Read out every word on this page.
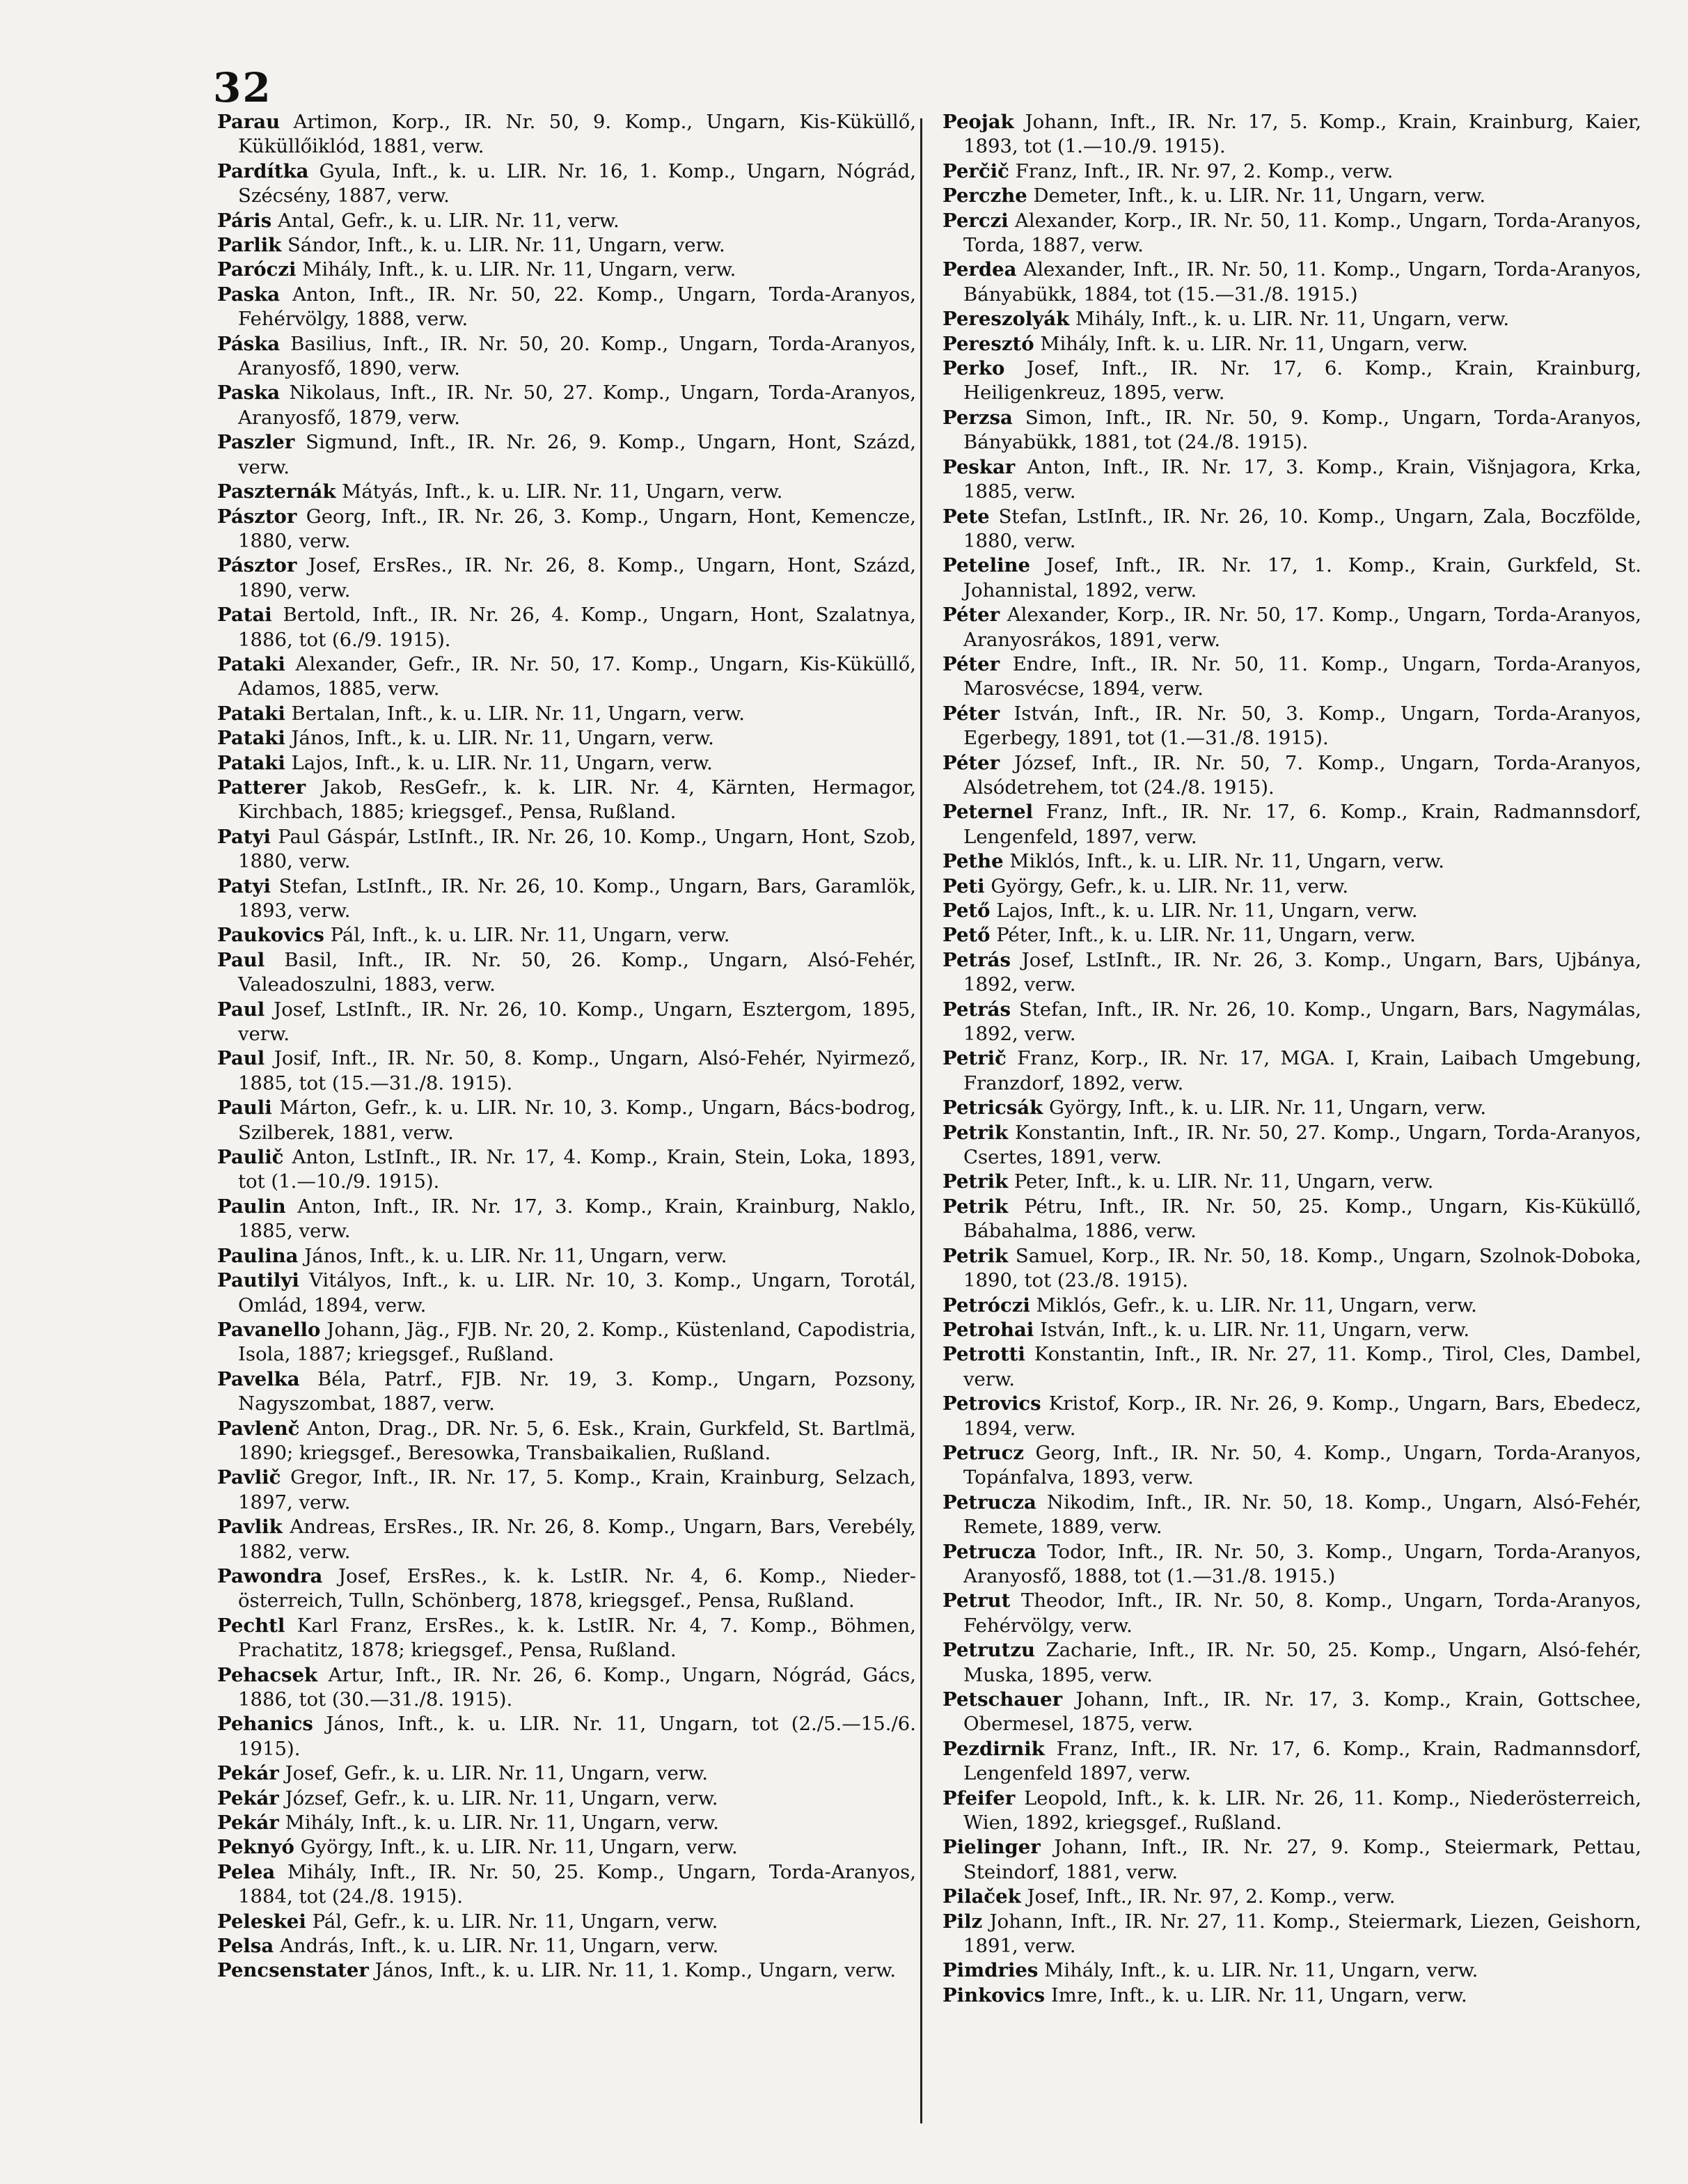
32

Parau Artimon, Korp., IR. Nr. 50, 9. Komp., Ungarn, Kis-Küküllő, Küküllőiklód, 1881, verw.

Pardítka Gyula, Inft., k. u. LIR. Nr. 16, 1. Komp., Ungarn, Nógrád, Szécsény, 1887, verw.

Páris Antal, Gefr., k. u. LIR. Nr. 11, verw.

Parlik Sándor, Inft., k. u. LIR. Nr. 11, Ungarn, verw.

Paróczi Mihály, Inft., k. u. LIR. Nr. 11, Ungarn, verw.

Paska Anton, Inft., IR. Nr. 50, 22. Komp., Ungarn, Torda-Aranyos, Fehérvölgy, 1888, verw.

Páska Basilius, Inft., IR. Nr. 50, 20. Komp., Ungarn, Torda-Aranyos, Aranyosfő, 1890, verw.

Paska Nikolaus, Inft., IR. Nr. 50, 27. Komp., Ungarn, Torda-Aranyos, Aranyosfő, 1879, verw.

Paszler Sigmund, Inft., IR. Nr. 26, 9. Komp., Ungarn, Hont, Százd, verw.

Paszternák Mátyás, Inft., k. u. LIR. Nr. 11, Ungarn, verw.

Pásztor Georg, Inft., IR. Nr. 26, 3. Komp., Ungarn, Hont, Kemencze, 1880, verw.

Pásztor Josef, ErsRes., IR. Nr. 26, 8. Komp., Ungarn, Hont, Százd, 1890, verw.

Patai Bertold, Inft., IR. Nr. 26, 4. Komp., Ungarn, Hont, Szalatnya, 1886, tot (6./9. 1915).

Pataki Alexander, Gefr., IR. Nr. 50, 17. Komp., Ungarn, Kis-Küküllő, Adamos, 1885, verw.

Pataki Bertalan, Inft., k. u. LIR. Nr. 11, Ungarn, verw.

Pataki János, Inft., k. u. LIR. Nr. 11, Ungarn, verw.

Pataki Lajos, Inft., k. u. LIR. Nr. 11, Ungarn, verw.

Patterer Jakob, ResGefr., k. k. LIR. Nr. 4, Kärnten, Hermagor, Kirchbach, 1885; kriegsgef., Pensa, Rußland.

Patyi Paul Gáspár, LstInft., IR. Nr. 26, 10. Komp., Ungarn, Hont, Szob, 1880, verw.

Patyi Stefan, LstInft., IR. Nr. 26, 10. Komp., Ungarn, Bars, Garamlök, 1893, verw.

Paukovics Pál, Inft., k. u. LIR. Nr. 11, Ungarn, verw.

Paul Basil, Inft., IR. Nr. 50, 26. Komp., Ungarn, Alsó-Fehér, Valeadoszulni, 1883, verw.

Paul Josef, LstInft., IR. Nr. 26, 10. Komp., Ungarn, Esztergom, 1895, verw.

Paul Josif, Inft., IR. Nr. 50, 8. Komp., Ungarn, Alsó-Fehér, Nyirmező, 1885, tot (15.—31./8. 1915).

Pauli Márton, Gefr., k. u. LIR. Nr. 10, 3. Komp., Ungarn, Bács-bodrog, Szilberek, 1881, verw.

Paulič Anton, LstInft., IR. Nr. 17, 4. Komp., Krain, Stein, Loka, 1893, tot (1.—10./9. 1915).

Paulin Anton, Inft., IR. Nr. 17, 3. Komp., Krain, Krainburg, Naklo, 1885, verw.

Paulina János, Inft., k. u. LIR. Nr. 11, Ungarn, verw.

Pautilyi Vitályos, Inft., k. u. LIR. Nr. 10, 3. Komp., Ungarn, Torotál, Omlád, 1894, verw.

Pavanello Johann, Jäg., FJB. Nr. 20, 2. Komp., Küstenland, Capodistria, Isola, 1887; kriegsgef., Rußland.

Pavelka Béla, Patrf., FJB. Nr. 19, 3. Komp., Ungarn, Pozsony, Nagyszombat, 1887, verw.

Pavlenč Anton, Drag., DR. Nr. 5, 6. Esk., Krain, Gurkfeld, St. Bartlmä, 1890; kriegsgef., Beresowka, Transbaikalien, Rußland.

Pavlič Gregor, Inft., IR. Nr. 17, 5. Komp., Krain, Krainburg, Selzach, 1897, verw.

Pavlik Andreas, ErsRes., IR. Nr. 26, 8. Komp., Ungarn, Bars, Verebély, 1882, verw.

Pawondra Josef, ErsRes., k. k. LstIR. Nr. 4, 6. Komp., Nieder-österreich, Tulln, Schönberg, 1878, kriegsgef., Pensa, Rußland.

Pechtl Karl Franz, ErsRes., k. k. LstIR. Nr. 4, 7. Komp., Böhmen, Prachatitz, 1878; kriegsgef., Pensa, Rußland.

Pehacsek Artur, Inft., IR. Nr. 26, 6. Komp., Ungarn, Nógrád, Gács, 1886, tot (30.—31./8. 1915).

Pehanics János, Inft., k. u. LIR. Nr. 11, Ungarn, tot (2./5.—15./6. 1915).

Pekár Josef, Gefr., k. u. LIR. Nr. 11, Ungarn, verw.

Pekár József, Gefr., k. u. LIR. Nr. 11, Ungarn, verw.

Pekár Mihály, Inft., k. u. LIR. Nr. 11, Ungarn, verw.

Peknyó György, Inft., k. u. LIR. Nr. 11, Ungarn, verw.

Pelea Mihály, Inft., IR. Nr. 50, 25. Komp., Ungarn, Torda-Aranyos, 1884, tot (24./8. 1915).

Peleskei Pál, Gefr., k. u. LIR. Nr. 11, Ungarn, verw.

Pelsa András, Inft., k. u. LIR. Nr. 11, Ungarn, verw.

Pencsenstater János, Inft., k. u. LIR. Nr. 11, 1. Komp., Ungarn, verw.

Peojak Johann, Inft., IR. Nr. 17, 5. Komp., Krain, Krainburg, Kaier, 1893, tot (1.—10./9. 1915).

Perčič Franz, Inft., IR. Nr. 97, 2. Komp., verw.

Perczhe Demeter, Inft., k. u. LIR. Nr. 11, Ungarn, verw.

Perczi Alexander, Korp., IR. Nr. 50, 11. Komp., Ungarn, Torda-Aranyos, Torda, 1887, verw.

Perdea Alexander, Inft., IR. Nr. 50, 11. Komp., Ungarn, Torda-Aranyos, Bányabükk, 1884, tot (15.—31./8. 1915.)

Pereszolyák Mihály, Inft., k. u. LIR. Nr. 11, Ungarn, verw.

Peresztó Mihály, Inft. k. u. LIR. Nr. 11, Ungarn, verw.

Perko Josef, Inft., IR. Nr. 17, 6. Komp., Krain, Krainburg, Heiligenkreuz, 1895, verw.

Perzsa Simon, Inft., IR. Nr. 50, 9. Komp., Ungarn, Torda-Aranyos, Bányabükk, 1881, tot (24./8. 1915).

Peskar Anton, Inft., IR. Nr. 17, 3. Komp., Krain, Višnjagora, Krka, 1885, verw.

Pete Stefan, LstInft., IR. Nr. 26, 10. Komp., Ungarn, Zala, Boczfölde, 1880, verw.

Peteline Josef, Inft., IR. Nr. 17, 1. Komp., Krain, Gurkfeld, St. Johannistal, 1892, verw.

Péter Alexander, Korp., IR. Nr. 50, 17. Komp., Ungarn, Torda-Aranyos, Aranyosrákos, 1891, verw.

Péter Endre, Inft., IR. Nr. 50, 11. Komp., Ungarn, Torda-Aranyos, Marosvécse, 1894, verw.

Péter István, Inft., IR. Nr. 50, 3. Komp., Ungarn, Torda-Aranyos, Egerbegy, 1891, tot (1.—31./8. 1915).

Péter József, Inft., IR. Nr. 50, 7. Komp., Ungarn, Torda-Aranyos, Alsódetrehem, tot (24./8. 1915).

Peternel Franz, Inft., IR. Nr. 17, 6. Komp., Krain, Radmannsdorf, Lengenfeld, 1897, verw.

Pethe Miklós, Inft., k. u. LIR. Nr. 11, Ungarn, verw.

Peti György, Gefr., k. u. LIR. Nr. 11, verw.

Pető Lajos, Inft., k. u. LIR. Nr. 11, Ungarn, verw.

Pető Péter, Inft., k. u. LIR. Nr. 11, Ungarn, verw.

Petrás Josef, LstInft., IR. Nr. 26, 3. Komp., Ungarn, Bars, Ujbánya, 1892, verw.

Petrás Stefan, Inft., IR. Nr. 26, 10. Komp., Ungarn, Bars, Nagymálas, 1892, verw.

Petrič Franz, Korp., IR. Nr. 17, MGA. I, Krain, Laibach Umgebung, Franzdorf, 1892, verw.

Petricsák György, Inft., k. u. LIR. Nr. 11, Ungarn, verw.

Petrik Konstantin, Inft., IR. Nr. 50, 27. Komp., Ungarn, Torda-Aranyos, Csertes, 1891, verw.

Petrik Peter, Inft., k. u. LIR. Nr. 11, Ungarn, verw.

Petrik Pétru, Inft., IR. Nr. 50, 25. Komp., Ungarn, Kis-Küküllő, Bábahalma, 1886, verw.

Petrik Samuel, Korp., IR. Nr. 50, 18. Komp., Ungarn, Szolnok-Doboka, 1890, tot (23./8. 1915).

Petróczi Miklós, Gefr., k. u. LIR. Nr. 11, Ungarn, verw.

Petrohai István, Inft., k. u. LIR. Nr. 11, Ungarn, verw.

Petrotti Konstantin, Inft., IR. Nr. 27, 11. Komp., Tirol, Cles, Dambel, verw.

Petrovics Kristof, Korp., IR. Nr. 26, 9. Komp., Ungarn, Bars, Ebedecz, 1894, verw.

Petrucz Georg, Inft., IR. Nr. 50, 4. Komp., Ungarn, Torda-Aranyos, Topánfalva, 1893, verw.

Petrucza Nikodim, Inft., IR. Nr. 50, 18. Komp., Ungarn, Alsó-Fehér, Remete, 1889, verw.

Petrucza Todor, Inft., IR. Nr. 50, 3. Komp., Ungarn, Torda-Aranyos, Aranyosfő, 1888, tot (1.—31./8. 1915.)

Petrut Theodor, Inft., IR. Nr. 50, 8. Komp., Ungarn, Torda-Aranyos, Fehérvölgy, verw.

Petrutzu Zacharie, Inft., IR. Nr. 50, 25. Komp., Ungarn, Alsó-fehér, Muska, 1895, verw.

Petschauer Johann, Inft., IR. Nr. 17, 3. Komp., Krain, Gottschee, Obermesel, 1875, verw.

Pezdirnik Franz, Inft., IR. Nr. 17, 6. Komp., Krain, Radmannsdorf, Lengenfeld 1897, verw.

Pfeifer Leopold, Inft., k. k. LIR. Nr. 26, 11. Komp., Niederösterreich, Wien, 1892, kriegsgef., Rußland.

Pielinger Johann, Inft., IR. Nr. 27, 9. Komp., Steiermark, Pettau, Steindorf, 1881, verw.

Pilaček Josef, Inft., IR. Nr. 97, 2. Komp., verw.

Pilz Johann, Inft., IR. Nr. 27, 11. Komp., Steiermark, Liezen, Geishorn, 1891, verw.

Pimdries Mihály, Inft., k. u. LIR. Nr. 11, Ungarn, verw.

Pinkovics Imre, Inft., k. u. LIR. Nr. 11, Ungarn, verw.
